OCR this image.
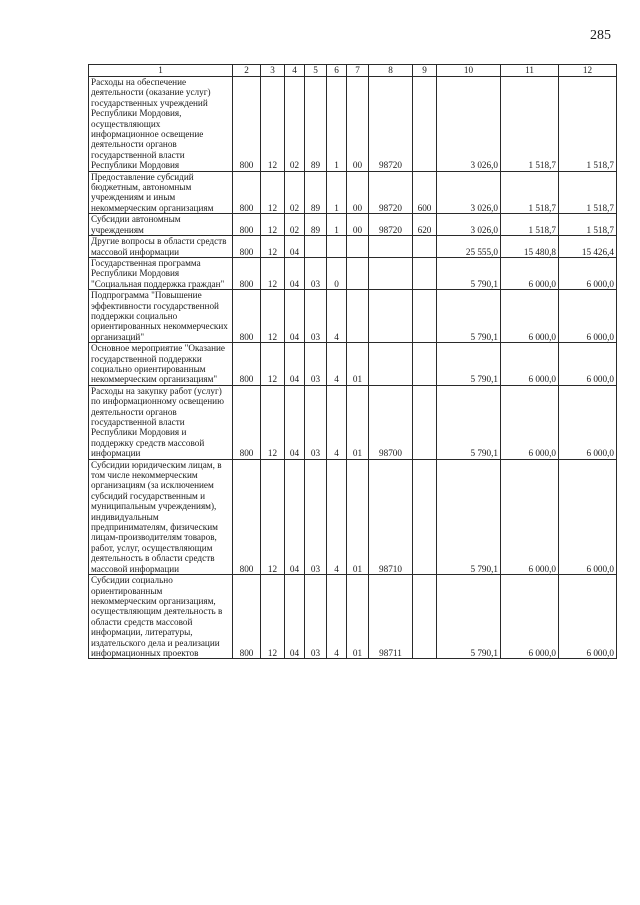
285
1	2	3	4	5	6	7	8	9	10	11	12
Расходы на обеспечение деятельности (оказание услуг) государственных учреждений Республики Мордовия, осуществляющих информационное освещение деятельности органов государственной власти Республики Мордовия	800	12	02	89	1	00	98720		3 026,0	1 518,7	1 518,7
Предоставление субсидий бюджетным, автономным учреждениям и иным некоммерческим организациям	800	12	02	89	1	00	98720	600	3 026,0	1 518,7	1 518,7
Субсидии автономным учреждениям	800	12	02	89	1	00	98720	620	3 026,0	1 518,7	1 518,7
Другие вопросы в области средств массовой информации	800	12	04						25 555,0	15 480,8	15 426,4
Государственная программа Республики Мордовия "Социальная поддержка граждан"	800	12	04	03	0				5 790,1	6 000,0	6 000,0
Подпрограмма "Повышение эффективности государственной поддержки социально ориентированных некоммерческих организаций"	800	12	04	03	4				5 790,1	6 000,0	6 000,0
Основное мероприятие "Оказание государственной поддержки социально ориентированным некоммерческим организациям"	800	12	04	03	4	01			5 790,1	6 000,0	6 000,0
Расходы на закупку работ (услуг) по информационному освещению деятельности органов государственной власти Республики Мордовия и поддержку средств массовой информации	800	12	04	03	4	01	98700		5 790,1	6 000,0	6 000,0
Субсидии юридическим лицам, в том числе некоммерческим организациям (за исключением субсидий государственным и муниципальным учреждениям), индивидуальным предпринимателям, физическим лицам-производителям товаров, работ, услуг, осуществляющим деятельность в области средств массовой информации	800	12	04	03	4	01	98710		5 790,1	6 000,0	6 000,0
Субсидии социально ориентированным некоммерческим организациям, осуществляющим деятельность в области средств массовой информации, литературы, издательского дела и реализации информационных проектов	800	12	04	03	4	01	98711		5 790,1	6 000,0	6 000,0
